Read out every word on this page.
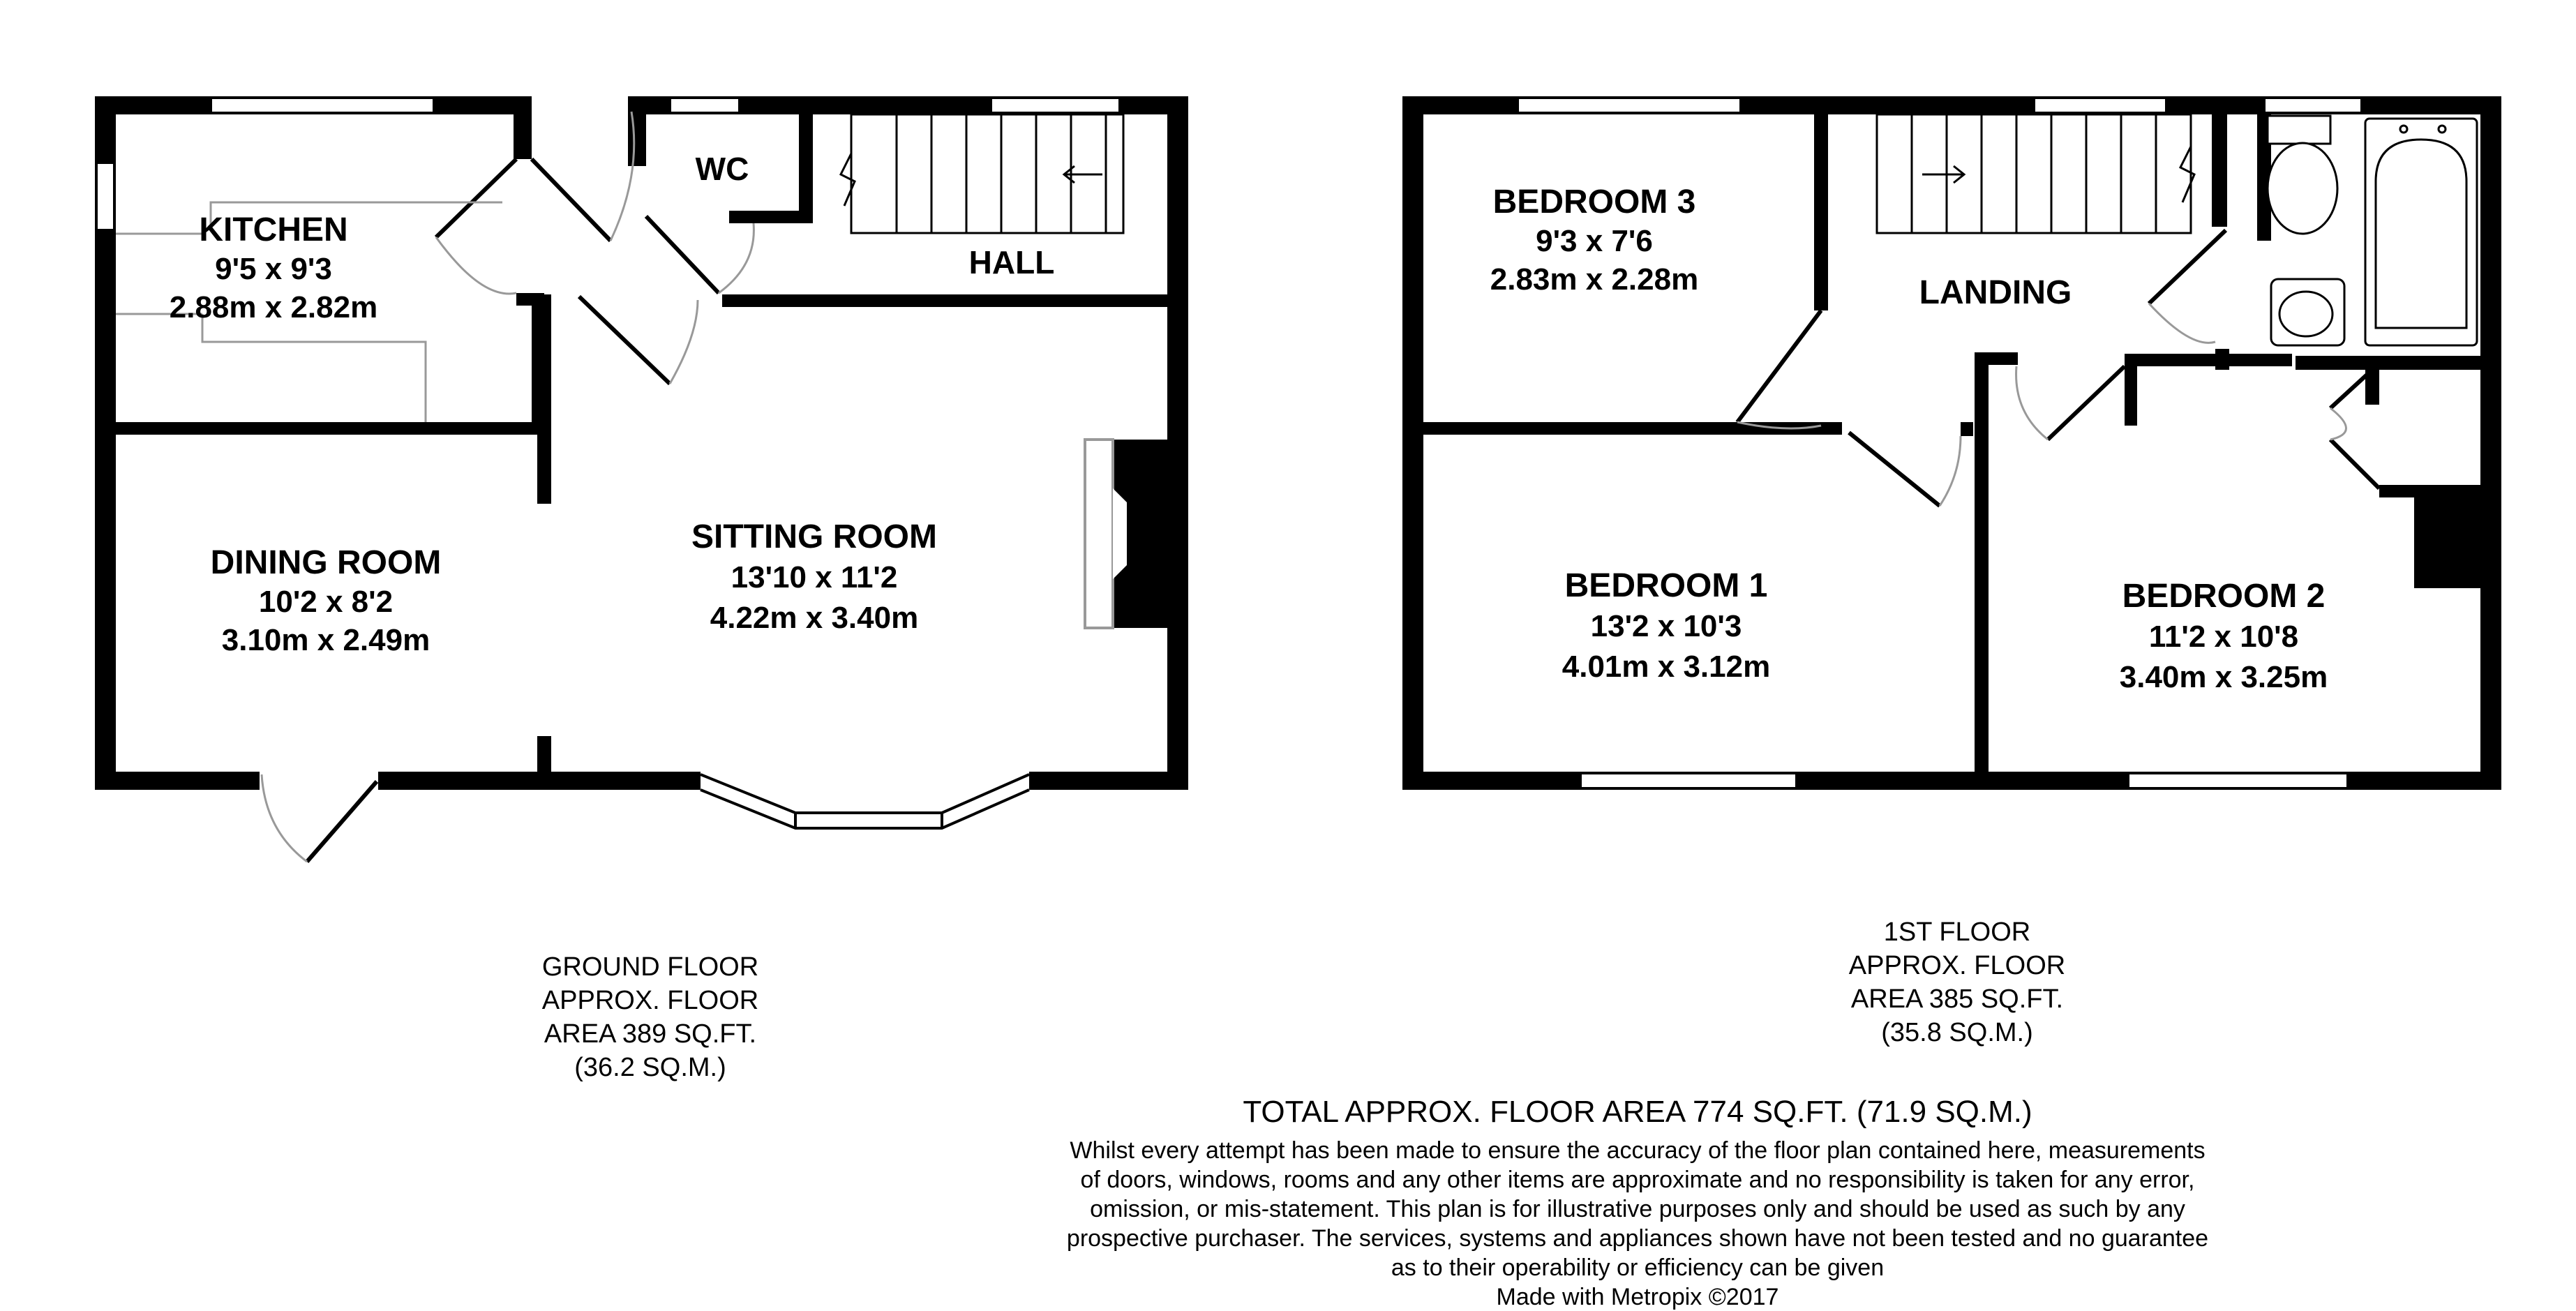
KITCHEN
9'5 x 9'3
2.88m x 2.82m
WC
HALL
DINING ROOM
10'2 x 8'2
3.10m x 2.49m
SITTING ROOM
13'10 x 11'2
4.22m x 3.40m
BEDROOM 3
9'3 x 7'6
2.83m x 2.28m	LANDING
BEDROOM 1
13'2 x 10'3
4.01m x 3.12m
BEDROOM 2
11'2 x 10'8
3.40m x 3.25m
GROUND FLOOR
APPROX. FLOOR
AREA 389 SQ.FT.
(36.2 SQ.M.)
1ST FLOOR
APPROX. FLOOR
AREA 385 SQ.FT.
(35.8 SQ.M.)
TOTAL APPROX. FLOOR AREA 774 SQ.FT. (71.9 SQ.M.)
Whilst every attempt has been made to ensure the accuracy of the floor plan contained here, measurements
of doors, windows, rooms and any other items are approximate and no responsibility is taken for any error,
omission, or mis-statement. This plan is for illustrative purposes only and should be used as such by any
prospective purchaser. The services, systems and appliances shown have not been tested and no guarantee
as to their operability or efficiency can be given
Made with Metropix ©2017
